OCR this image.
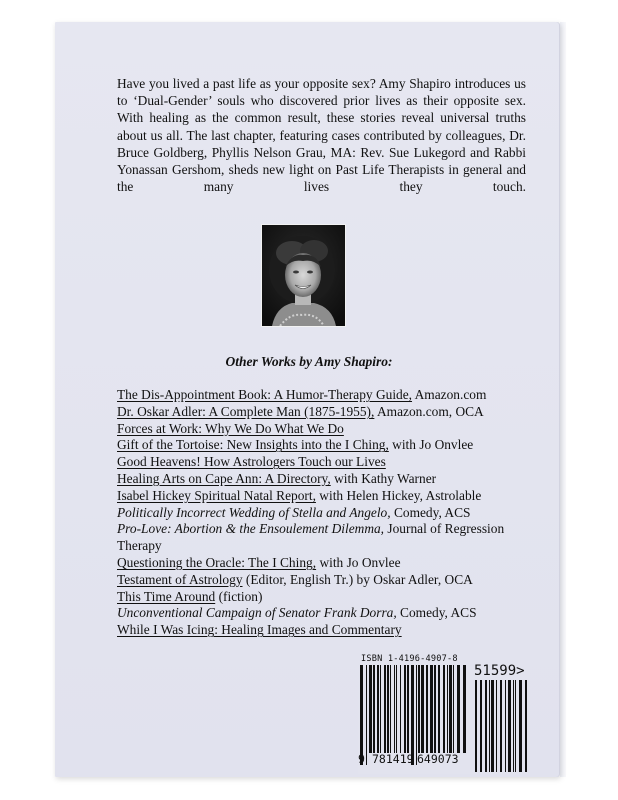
Have you lived a past life as your opposite sex? Amy Shapiro introduces us to ‘Dual-Gender’ souls who discovered prior lives as their opposite sex. With healing as the common result, these stories reveal universal truths about us all. The last chapter, featuring cases contributed by colleagues, Dr. Bruce Goldberg, Phyllis Nelson Grau, MA: Rev. Sue Lukegord and Rabbi Yonassan Gershom, sheds new light on Past Life Therapists in general and the many lives they touch.

Other Works by Amy Shapiro:
The Dis-Appointment Book: A Humor-Therapy Guide, Amazon.com
Dr. Oskar Adler: A Complete Man (1875-1955), Amazon.com, OCA
Forces at Work: Why We Do What We Do
Gift of the Tortoise: New Insights into the I Ching, with Jo Onvlee
Good Heavens! How Astrologers Touch our Lives
Healing Arts on Cape Ann: A Directory, with Kathy Warner
Isabel Hickey Spiritual Natal Report, with Helen Hickey, Astrolable
Politically Incorrect Wedding of Stella and Angelo, Comedy, ACS
Pro-Love: Abortion & the Ensoulement Dilemma, Journal of Regression Therapy
Questioning the Oracle: The I Ching, with Jo Onvlee
Testament of Astrology (Editor, English Tr.) by Oskar Adler, OCA
This Time Around (fiction)
Unconventional Campaign of Senator Frank Dorra, Comedy, ACS
While I Was Icing: Healing Images and Commentary
ISBN 1-4196-4907-8
51599>
9 781419 649073
